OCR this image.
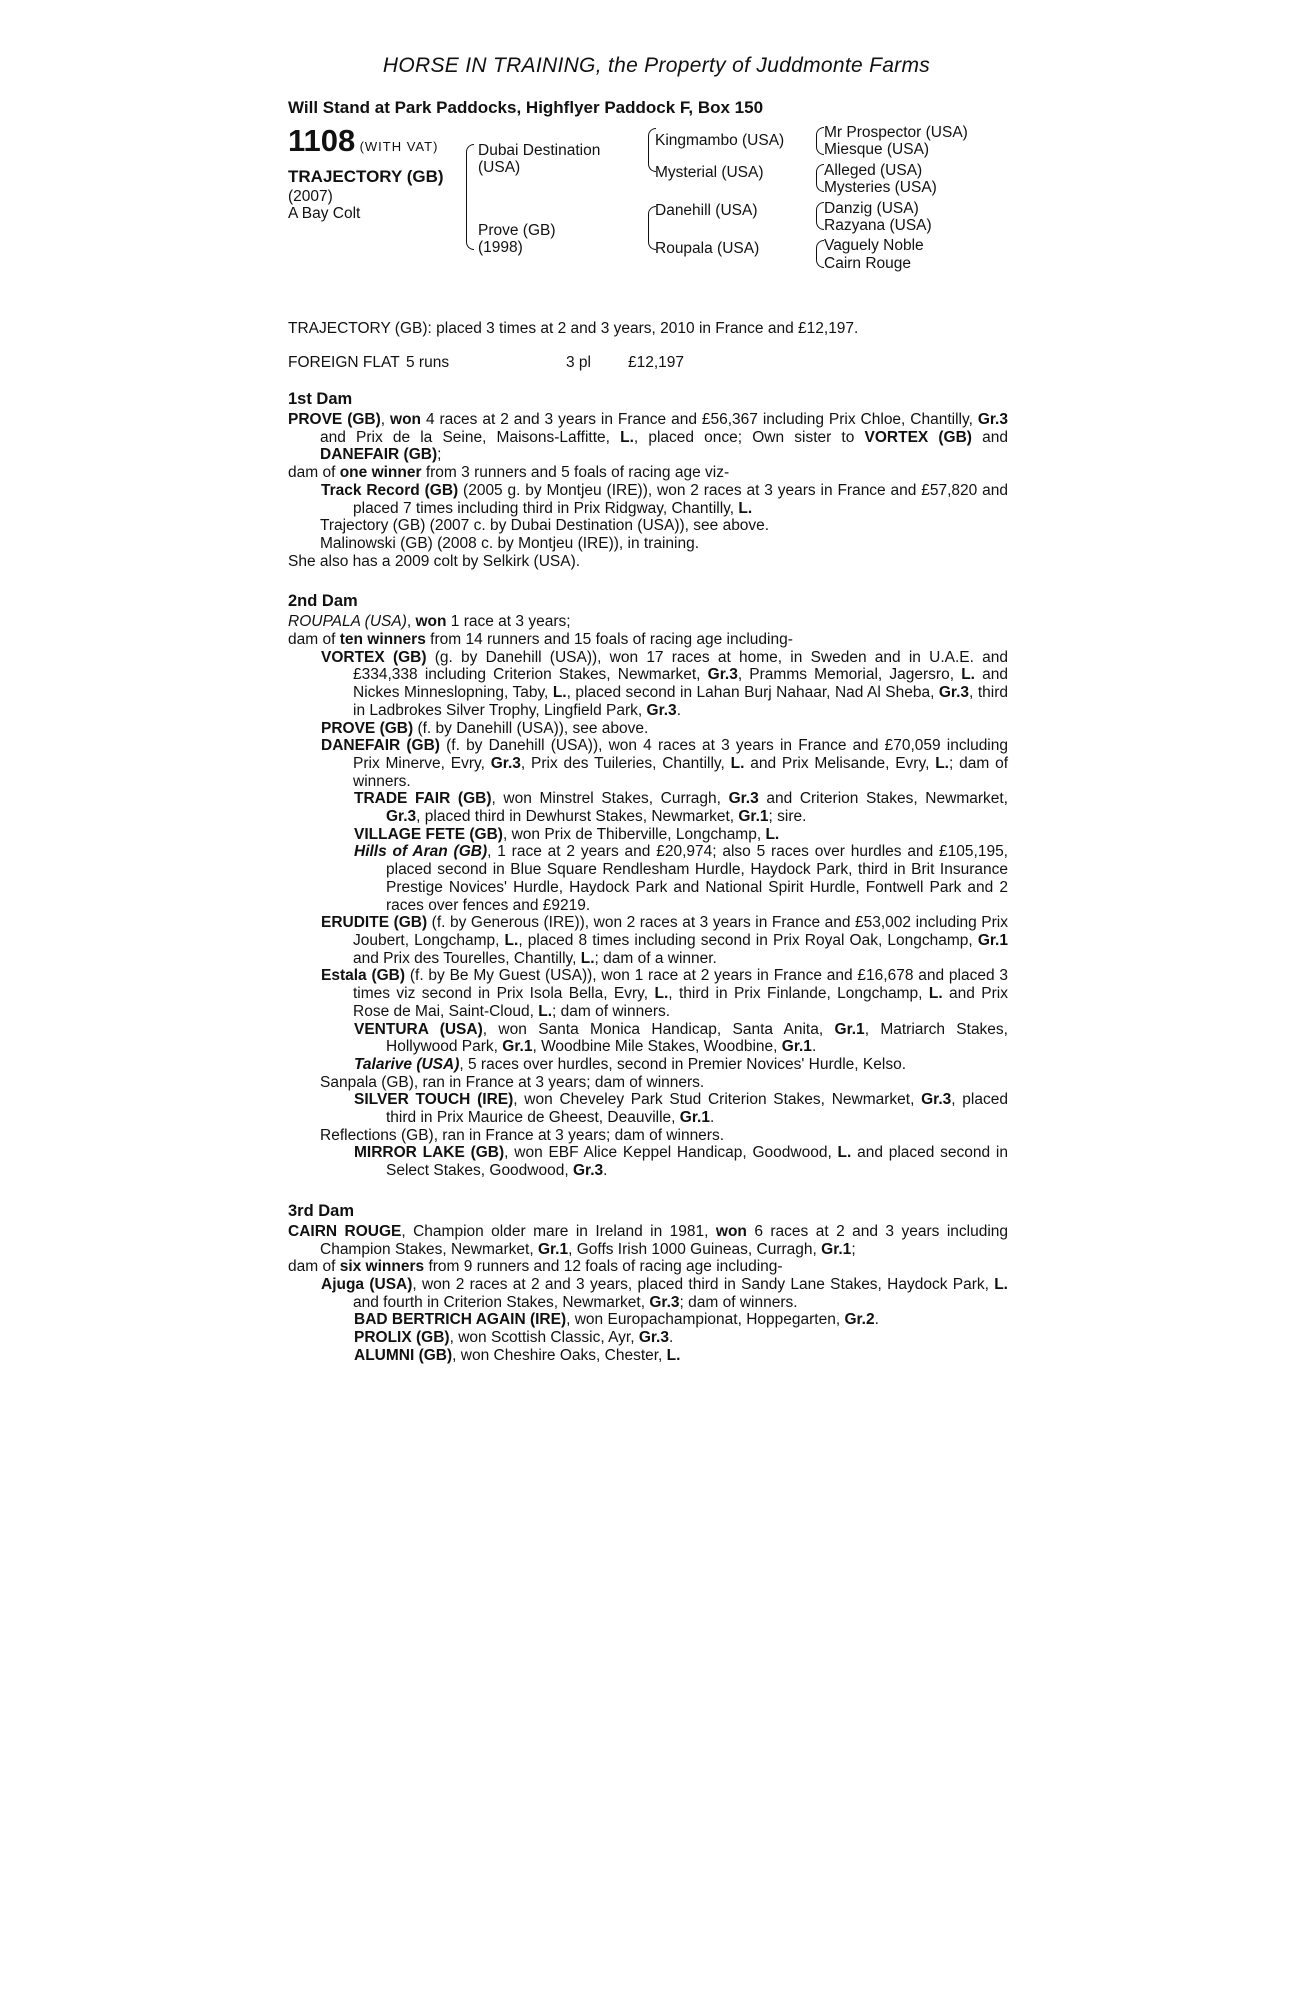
HORSE IN TRAINING, the Property of Juddmonte Farms
Will Stand at Park Paddocks, Highflyer Paddock F, Box 150
1108 (WITH VAT)
TRAJECTORY (GB)
(2007)
A Bay Colt
Dubai Destination
(USA)
Prove (GB)
(1998)
Kingmambo (USA)
Mysterial (USA)
Danehill (USA)
Roupala (USA)
Mr Prospector (USA)
Miesque (USA)
Alleged (USA)
Mysteries (USA)
Danzig (USA)
Razyana (USA)
Vaguely Noble
Cairn Rouge
TRAJECTORY (GB): placed 3 times at 2 and 3 years, 2010 in France and £12,197.
FOREIGN FLAT 5 runs	3 pl £12,197
1st Dam
PROVE (GB), won 4 races at 2 and 3 years in France and £56,367 including Prix Chloe, Chantilly, Gr.3 and Prix de la Seine, Maisons-Laffitte, L., placed once; Own sister to VORTEX (GB) and DANEFAIR (GB);
dam of one winner from 3 runners and 5 foals of racing age viz-
Track Record (GB) (2005 g. by Montjeu (IRE)), won 2 races at 3 years in France and £57,820 and placed 7 times including third in Prix Ridgway, Chantilly, L.
Trajectory (GB) (2007 c. by Dubai Destination (USA)), see above.
Malinowski (GB) (2008 c. by Montjeu (IRE)), in training.
She also has a 2009 colt by Selkirk (USA).
2nd Dam
ROUPALA (USA), won 1 race at 3 years;
dam of ten winners from 14 runners and 15 foals of racing age including-
VORTEX (GB) (g. by Danehill (USA)), won 17 races at home, in Sweden and in U.A.E. and £334,338 including Criterion Stakes, Newmarket, Gr.3, Pramms Memorial, Jagersro, L. and Nickes Minneslopning, Taby, L., placed second in Lahan Burj Nahaar, Nad Al Sheba, Gr.3, third in Ladbrokes Silver Trophy, Lingfield Park, Gr.3.
PROVE (GB) (f. by Danehill (USA)), see above.
DANEFAIR (GB) (f. by Danehill (USA)), won 4 races at 3 years in France and £70,059 including Prix Minerve, Evry, Gr.3, Prix des Tuileries, Chantilly, L. and Prix Melisande, Evry, L.; dam of winners.
TRADE FAIR (GB), won Minstrel Stakes, Curragh, Gr.3 and Criterion Stakes, Newmarket, Gr.3, placed third in Dewhurst Stakes, Newmarket, Gr.1; sire.
VILLAGE FETE (GB), won Prix de Thiberville, Longchamp, L.
Hills of Aran (GB), 1 race at 2 years and £20,974; also 5 races over hurdles and £105,195, placed second in Blue Square Rendlesham Hurdle, Haydock Park, third in Brit Insurance Prestige Novices' Hurdle, Haydock Park and National Spirit Hurdle, Fontwell Park and 2 races over fences and £9219.
ERUDITE (GB) (f. by Generous (IRE)), won 2 races at 3 years in France and £53,002 including Prix Joubert, Longchamp, L., placed 8 times including second in Prix Royal Oak, Longchamp, Gr.1 and Prix des Tourelles, Chantilly, L.; dam of a winner.
Estala (GB) (f. by Be My Guest (USA)), won 1 race at 2 years in France and £16,678 and placed 3 times viz second in Prix Isola Bella, Evry, L., third in Prix Finlande, Longchamp, L. and Prix Rose de Mai, Saint-Cloud, L.; dam of winners.
VENTURA (USA), won Santa Monica Handicap, Santa Anita, Gr.1, Matriarch Stakes, Hollywood Park, Gr.1, Woodbine Mile Stakes, Woodbine, Gr.1.
Talarive (USA), 5 races over hurdles, second in Premier Novices' Hurdle, Kelso.
Sanpala (GB), ran in France at 3 years; dam of winners.
SILVER TOUCH (IRE), won Cheveley Park Stud Criterion Stakes, Newmarket, Gr.3, placed third in Prix Maurice de Gheest, Deauville, Gr.1.
Reflections (GB), ran in France at 3 years; dam of winners.
MIRROR LAKE (GB), won EBF Alice Keppel Handicap, Goodwood, L. and placed second in Select Stakes, Goodwood, Gr.3.
3rd Dam
CAIRN ROUGE, Champion older mare in Ireland in 1981, won 6 races at 2 and 3 years including Champion Stakes, Newmarket, Gr.1, Goffs Irish 1000 Guineas, Curragh, Gr.1;
dam of six winners from 9 runners and 12 foals of racing age including-
Ajuga (USA), won 2 races at 2 and 3 years, placed third in Sandy Lane Stakes, Haydock Park, L. and fourth in Criterion Stakes, Newmarket, Gr.3; dam of winners.
BAD BERTRICH AGAIN (IRE), won Europachampionat, Hoppegarten, Gr.2.
PROLIX (GB), won Scottish Classic, Ayr, Gr.3.
ALUMNI (GB), won Cheshire Oaks, Chester, L.
